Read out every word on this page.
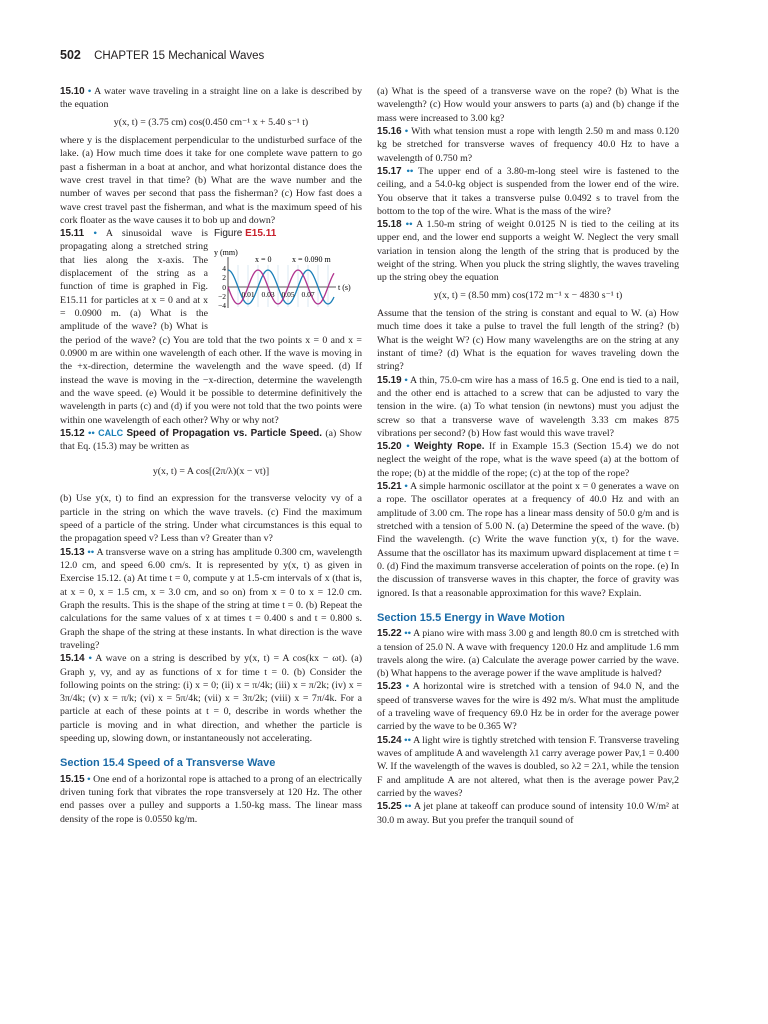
502 CHAPTER 15 Mechanical Waves

15.10 • A water wave traveling in a straight line on a lake is described by the equation

y(x, t) = (3.75 cm) cos(0.450 cm⁻¹ x + 5.40 s⁻¹ t)

where y is the displacement perpendicular to the undisturbed surface of the lake. (a) How much time does it take for one complete wave pattern to go past a fisherman in a boat at anchor, and what horizontal distance does the wave crest travel in that time? (b) What are the wave number and the number of waves per second that pass the fisherman? (c) How fast does a wave crest travel past the fisherman, and what is the maximum speed of his cork floater as the wave causes it to bob up and down?

Figure E15.11
y (mm)
x = 0	x = 0.090 m
t (s)
4
2
0
−2
−4
0.01 0.03 0.05 0.07

15.11 • A sinusoidal wave is propagating along a stretched string that lies along the x-axis. The displacement of the string as a function of time is graphed in Fig. E15.11 for particles at x = 0 and at x = 0.0900 m. (a) What is the amplitude of the wave? (b) What is the period of the wave? (c) You are told that the two points x = 0 and x = 0.0900 m are within one wavelength of each other. If the wave is moving in the +x-direction, determine the wavelength and the wave speed. (d) If instead the wave is moving in the −x-direction, determine the wavelength and the wave speed. (e) Would it be possible to determine definitively the wavelength in parts (c) and (d) if you were not told that the two points were within one wavelength of each other? Why or why not?

15.12 •• CALC Speed of Propagation vs. Particle Speed. (a) Show that Eq. (15.3) may be written as

y(x, t) = A cos[(2π/λ)(x − vt)]

(b) Use y(x, t) to find an expression for the transverse velocity vy of a particle in the string on which the wave travels. (c) Find the maximum speed of a particle of the string. Under what circumstances is this equal to the propagation speed v? Less than v? Greater than v?

15.13 •• A transverse wave on a string has amplitude 0.300 cm, wavelength 12.0 cm, and speed 6.00 cm/s. It is represented by y(x, t) as given in Exercise 15.12. (a) At time t = 0, compute y at 1.5-cm intervals of x (that is, at x = 0, x = 1.5 cm, x = 3.0 cm, and so on) from x = 0 to x = 12.0 cm. Graph the results. This is the shape of the string at time t = 0. (b) Repeat the calculations for the same values of x at times t = 0.400 s and t = 0.800 s. Graph the shape of the string at these instants. In what direction is the wave traveling?

15.14 • A wave on a string is described by y(x, t) = A cos(kx − ωt). (a) Graph y, vy, and ay as functions of x for time t = 0. (b) Consider the following points on the string: (i) x = 0; (ii) x = π/4k; (iii) x = π/2k; (iv) x = 3π/4k; (v) x = π/k; (vi) x = 5π/4k; (vii) x = 3π/2k; (viii) x = 7π/4k. For a particle at each of these points at t = 0, describe in words whether the particle is moving and in what direction, and whether the particle is speeding up, slowing down, or instantaneously not accelerating.

Section 15.4 Speed of a Transverse Wave

15.15 • One end of a horizontal rope is attached to a prong of an electrically driven tuning fork that vibrates the rope transversely at 120 Hz. The other end passes over a pulley and supports a 1.50-kg mass. The linear mass density of the rope is 0.0550 kg/m.

(a) What is the speed of a transverse wave on the rope? (b) What is the wavelength? (c) How would your answers to parts (a) and (b) change if the mass were increased to 3.00 kg?

15.16 • With what tension must a rope with length 2.50 m and mass 0.120 kg be stretched for transverse waves of frequency 40.0 Hz to have a wavelength of 0.750 m?

15.17 •• The upper end of a 3.80-m-long steel wire is fastened to the ceiling, and a 54.0-kg object is suspended from the lower end of the wire. You observe that it takes a transverse pulse 0.0492 s to travel from the bottom to the top of the wire. What is the mass of the wire?

15.18 •• A 1.50-m string of weight 0.0125 N is tied to the ceiling at its upper end, and the lower end supports a weight W. Neglect the very small variation in tension along the length of the string that is produced by the weight of the string. When you pluck the string slightly, the waves traveling up the string obey the equation

y(x, t) = (8.50 mm) cos(172 m⁻¹ x − 4830 s⁻¹ t)

Assume that the tension of the string is constant and equal to W. (a) How much time does it take a pulse to travel the full length of the string? (b) What is the weight W? (c) How many wavelengths are on the string at any instant of time? (d) What is the equation for waves traveling down the string?

15.19 • A thin, 75.0-cm wire has a mass of 16.5 g. One end is tied to a nail, and the other end is attached to a screw that can be adjusted to vary the tension in the wire. (a) To what tension (in newtons) must you adjust the screw so that a transverse wave of wavelength 3.33 cm makes 875 vibrations per second? (b) How fast would this wave travel?

15.20 • Weighty Rope. If in Example 15.3 (Section 15.4) we do not neglect the weight of the rope, what is the wave speed (a) at the bottom of the rope; (b) at the middle of the rope; (c) at the top of the rope?

15.21 • A simple harmonic oscillator at the point x = 0 generates a wave on a rope. The oscillator operates at a frequency of 40.0 Hz and with an amplitude of 3.00 cm. The rope has a linear mass density of 50.0 g/m and is stretched with a tension of 5.00 N. (a) Determine the speed of the wave. (b) Find the wavelength. (c) Write the wave function y(x, t) for the wave. Assume that the oscillator has its maximum upward displacement at time t = 0. (d) Find the maximum transverse acceleration of points on the rope. (e) In the discussion of transverse waves in this chapter, the force of gravity was ignored. Is that a reasonable approximation for this wave? Explain.

Section 15.5 Energy in Wave Motion

15.22 •• A piano wire with mass 3.00 g and length 80.0 cm is stretched with a tension of 25.0 N. A wave with frequency 120.0 Hz and amplitude 1.6 mm travels along the wire. (a) Calculate the average power carried by the wave. (b) What happens to the average power if the wave amplitude is halved?

15.23 • A horizontal wire is stretched with a tension of 94.0 N, and the speed of transverse waves for the wire is 492 m/s. What must the amplitude of a traveling wave of frequency 69.0 Hz be in order for the average power carried by the wave to be 0.365 W?

15.24 •• A light wire is tightly stretched with tension F. Transverse traveling waves of amplitude A and wavelength λ1 carry average power Pav,1 = 0.400 W. If the wavelength of the waves is doubled, so λ2 = 2λ1, while the tension F and amplitude A are not altered, what then is the average power Pav,2 carried by the waves?

15.25 •• A jet plane at takeoff can produce sound of intensity 10.0 W/m² at 30.0 m away. But you prefer the tranquil sound of
